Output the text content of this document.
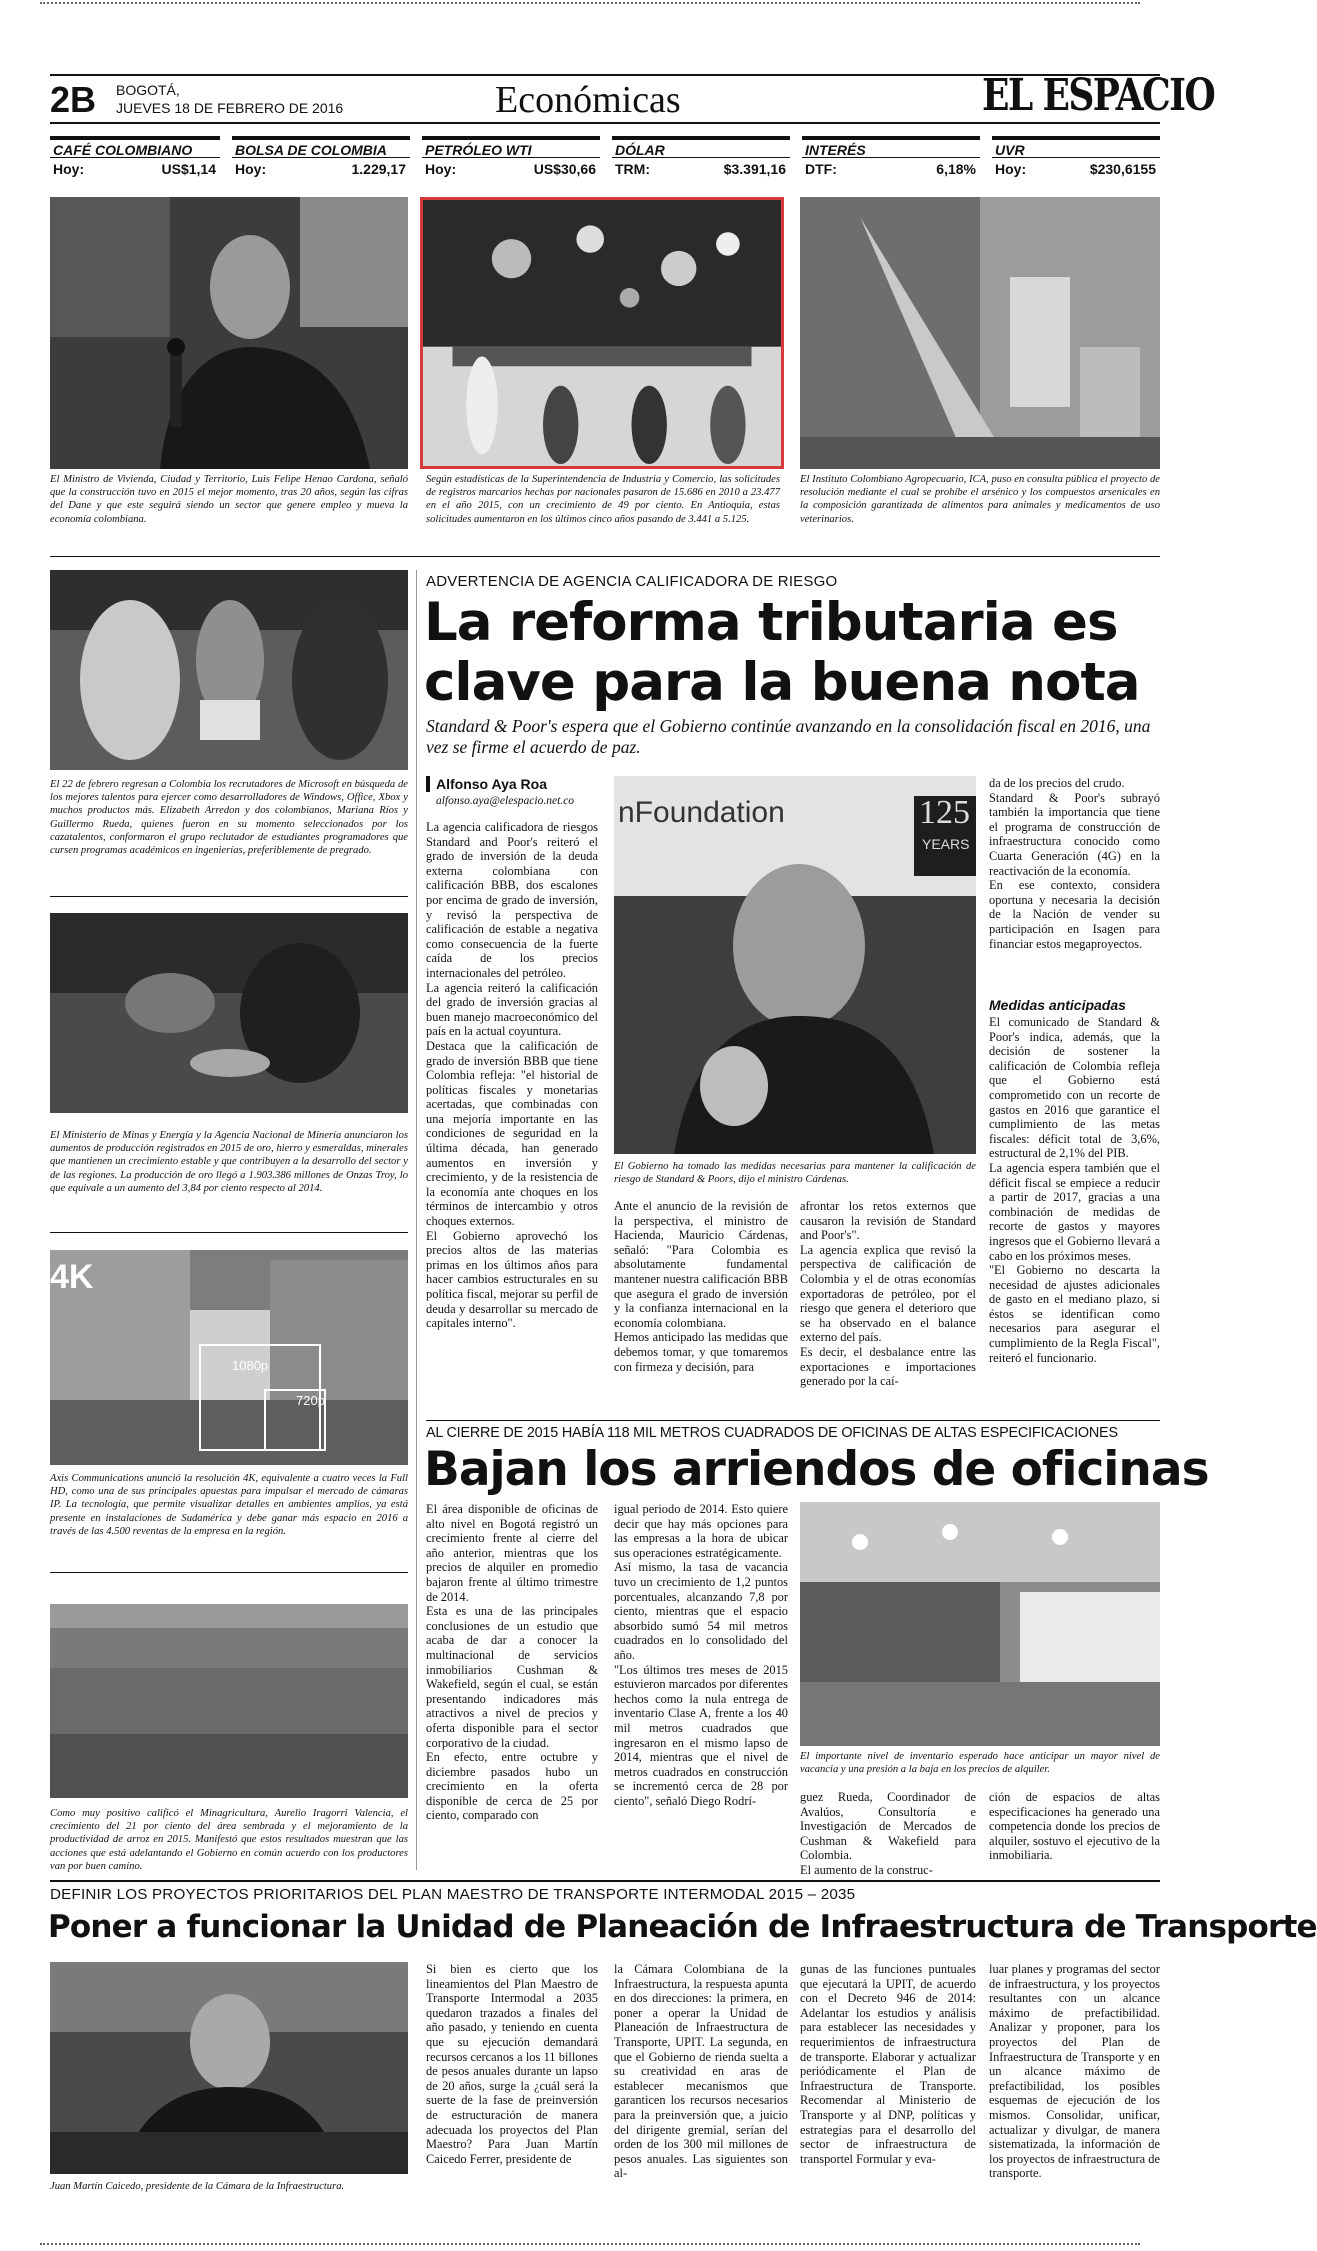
2B BOGOTÁ,
JUEVES 18 DE FEBRERO DE 2016	Económicas	EL ESPACIO
CAFÉ COLOMBIANO
Hoy:	US$1,14
BOLSA DE COLOMBIA
Hoy:	1.229,17
PETRÓLEO WTI
Hoy:	US$30,66
DÓLAR
TRM:	$3.391,16
INTERÉS
DTF:	6,18%
UVR
Hoy:	$230,6155
El Ministro de Vivienda, Ciudad y Territorio, Luis Felipe Henao Cardona, señaló que la construcción tuvo en 2015 el mejor momento, tras 20 años, según las cifras del Dane y que este seguirá siendo un sector que genere empleo y mueva la economía colombiana.
Según estadísticas de la Superintendencia de Industria y Comercio, las solicitudes de registros marcarios hechas por nacionales pasaron de 15.686 en 2010 a 23.477 en el año 2015, con un crecimiento de 49 por ciento. En Antioquia, estas solicitudes aumentaron en los últimos cinco años pasando de 3.441 a 5.125.
El Instituto Colombiano Agropecuario, ICA, puso en consulta pública el proyecto de resolución mediante el cual se prohíbe el arsénico y los compuestos arsenicales en la composición garantizada de alimentos para animales y medicamentos de uso veterinarios.
El 22 de febrero regresan a Colombia los recrutadores de Microsoft en búsqueda de los mejores talentos para ejercer como desarrolladores de Windows, Office, Xbox y muchos productos más. Elizabeth Arredon y dos colombianos, Mariana Ríos y Guillermo Rueda, quienes fueron en su momento seleccionados por los cazatalentos, conformaron el grupo reclutador de estudiantes programadores que cursen programas académicos en ingenierías, preferiblemente de pregrado.
El Ministerio de Minas y Energía y la Agencia Nacional de Minería anunciaron los aumentos de producción registrados en 2015 de oro, hierro y esmeraldas, minerales que mantienen un crecimiento estable y que contribuyen a la desarrollo del sector y de las regiones. La producción de oro llegó a 1.903.386 millones de Onzas Troy, lo que equivale a un aumento del 3,84 por ciento respecto al 2014.
4K
1080p
720p
Axis Communications anunció la resolución 4K, equivalente a cuatro veces la Full HD, como una de sus principales apuestas para impulsar el mercado de cámaras IP. La tecnología, que permite visualizar detalles en ambientes amplios, ya está presente en instalaciones de Sudamérica y debe ganar más espacio en 2016 a través de las 4.500 reventas de la empresa en la región.
Como muy positivo calificó el Minagricultura, Aurelio Iragorri Valencia, el crecimiento del 21 por ciento del área sembrada y el mejoramiento de la productividad de arroz en 2015. Manifestó que estos resultados muestran que las acciones que está adelantando el Gobierno en común acuerdo con los productores van por buen camino.
ADVERTENCIA DE AGENCIA CALIFICADORA DE RIESGO
La reforma tributaria es
clave para la buena nota
Standard & Poor's espera que el Gobierno continúe avanzando en la consolidación fiscal en 2016, una vez se firme el acuerdo de paz.
Alfonso Aya Roa
alfonso.aya@elespacio.net.co
La agencia calificadora de riesgos Standard and Poor's reiteró el grado de inversión de la deuda externa colombiana con calificación BBB, dos escalones por encima de grado de inversión, y revisó la perspectiva de calificación de estable a negativa como consecuencia de la fuerte caída de los precios internacionales del petróleo.
La agencia reiteró la calificación del grado de inversión gracias al buen manejo macroeconómico del país en la actual coyuntura.
Destaca que la calificación de grado de inversión BBB que tiene Colombia refleja: "el historial de políticas fiscales y monetarias acertadas, que combinadas con una mejoría importante en las condiciones de seguridad en la última década, han generado aumentos en inversión y crecimiento, y de la resistencia de la economía ante choques en los términos de intercambio y otros choques externos.
El Gobierno aprovechó los precios altos de las materias primas en los últimos años para hacer cambios estructurales en su política fiscal, mejorar su perfil de deuda y desarrollar su mercado de capitales interno".
nFoundation	125
YEARS
El Gobierno ha tomado las medidas necesarias para mantener la calificación de riesgo de Standard & Poors, dijo el ministro Cárdenas.
Ante el anuncio de la revisión de la perspectiva, el ministro de Hacienda, Mauricio Cárdenas, señaló: "Para Colombia es absolutamente fundamental mantener nuestra calificación BBB que asegura el grado de inversión y la confianza internacional en la economía colombiana.
Hemos anticipado las medidas que debemos tomar, y que tomaremos con firmeza y decisión, para
afrontar los retos externos que causaron la revisión de Standard and Poor's".
La agencia explica que revisó la perspectiva de calificación de Colombia y el de otras economías exportadoras de petróleo, por el riesgo que genera el deterioro que se ha observado en el balance externo del país.
Es decir, el desbalance entre las exportaciones e importaciones generado por la caí-
da de los precios del crudo.
Standard & Poor's subrayó también la importancia que tiene el programa de construcción de infraestructura conocido como Cuarta Generación (4G) en la reactivación de la economía.
En ese contexto, considera oportuna y necesaria la decisión de la Nación de vender su participación en Isagen para financiar estos megaproyectos.
Medidas anticipadas
El comunicado de Standard & Poor's indica, además, que la decisión de sostener la calificación de Colombia refleja que el Gobierno está comprometido con un recorte de gastos en 2016 que garantice el cumplimiento de las metas fiscales: déficit total de 3,6%, estructural de 2,1% del PIB.
La agencia espera también que el déficit fiscal se empiece a reducir a partir de 2017, gracias a una combinación de medidas de recorte de gastos y mayores ingresos que el Gobierno llevará a cabo en los próximos meses.
"El Gobierno no descarta la necesidad de ajustes adicionales de gasto en el mediano plazo, si éstos se identifican como necesarios para asegurar el cumplimiento de la Regla Fiscal", reiteró el funcionario.
AL CIERRE DE 2015 HABÍA 118 MIL METROS CUADRADOS DE OFICINAS DE ALTAS ESPECIFICACIONES
Bajan los arriendos de oficinas
El área disponible de oficinas de alto nivel en Bogotá registró un crecimiento frente al cierre del año anterior, mientras que los precios de alquiler en promedio bajaron frente al último trimestre de 2014.
Esta es una de las principales conclusiones de un estudio que acaba de dar a conocer la multinacional de servicios inmobiliarios Cushman & Wakefield, según el cual, se están presentando indicadores más atractivos a nivel de precios y oferta disponible para el sector corporativo de la ciudad.
En efecto, entre octubre y diciembre pasados hubo un crecimiento en la oferta disponible de cerca de 25 por ciento, comparado con
igual periodo de 2014. Esto quiere decir que hay más opciones para las empresas a la hora de ubicar sus operaciones estratégicamente.
Así mismo, la tasa de vacancia tuvo un crecimiento de 1,2 puntos porcentuales, alcanzando 7,8 por ciento, mientras que el espacio absorbido sumó 54 mil metros cuadrados en lo consolidado del año.
"Los últimos tres meses de 2015 estuvieron marcados por diferentes hechos como la nula entrega de inventario Clase A, frente a los 40 mil metros cuadrados que ingresaron en el mismo lapso de 2014, mientras que el nivel de metros cuadrados en construcción se incrementó cerca de 28 por ciento", señaló Diego Rodrí-
El importante nivel de inventario esperado hace anticipar un mayor nivel de vacancia y una presión a la baja en los precios de alquiler.
guez Rueda, Coordinador de Avalúos, Consultoría e Investigación de Mercados de Cushman & Wakefield para Colombia.
El aumento de la construc-
ción de espacios de altas especificaciones ha generado una competencia donde los precios de alquiler, sostuvo el ejecutivo de la inmobiliaria.
DEFINIR LOS PROYECTOS PRIORITARIOS DEL PLAN MAESTRO DE TRANSPORTE INTERMODAL 2015 – 2035
Poner a funcionar la Unidad de Planeación de Infraestructura de Transporte
Juan Martín Caicedo, presidente de la Cámara de la Infraestructura.
Si bien es cierto que los lineamientos del Plan Maestro de Transporte Intermodal a 2035 quedaron trazados a finales del año pasado, y teniendo en cuenta que su ejecución demandará recursos cercanos a los 11 billones de pesos anuales durante un lapso de 20 años, surge la ¿cuál será la suerte de la fase de preinversión de estructuración de manera adecuada los proyectos del Plan Maestro? Para Juan Martín Caicedo Ferrer, presidente de
la Cámara Colombiana de la Infraestructura, la respuesta apunta en dos direcciones: la primera, en poner a operar la Unidad de Planeación de Infraestructura de Transporte, UPIT. La segunda, en que el Gobierno de rienda suelta a su creatividad en aras de establecer mecanismos que garanticen los recursos necesarios para la preinversión que, a juicio del dirigente gremial, serían del orden de los 300 mil millones de pesos anuales. Las siguientes son al-
gunas de las funciones puntuales que ejecutará la UPIT, de acuerdo con el Decreto 946 de 2014: Adelantar los estudios y análisis para establecer las necesidades y requerimientos de infraestructura de transporte. Elaborar y actualizar periódicamente el Plan de Infraestructura de Transporte. Recomendar al Ministerio de Transporte y al DNP, políticas y estrategias para el desarrollo del sector de infraestructura de transportel Formular y eva-
luar planes y programas del sector de infraestructura, y los proyectos resultantes con un alcance máximo de prefactibilidad. Analizar y proponer, para los proyectos del Plan de Infraestructura de Transporte y en un alcance máximo de prefactibilidad, los posibles esquemas de ejecución de los mismos. Consolidar, unificar, actualizar y divulgar, de manera sistematizada, la información de los proyectos de infraestructura de transporte.
